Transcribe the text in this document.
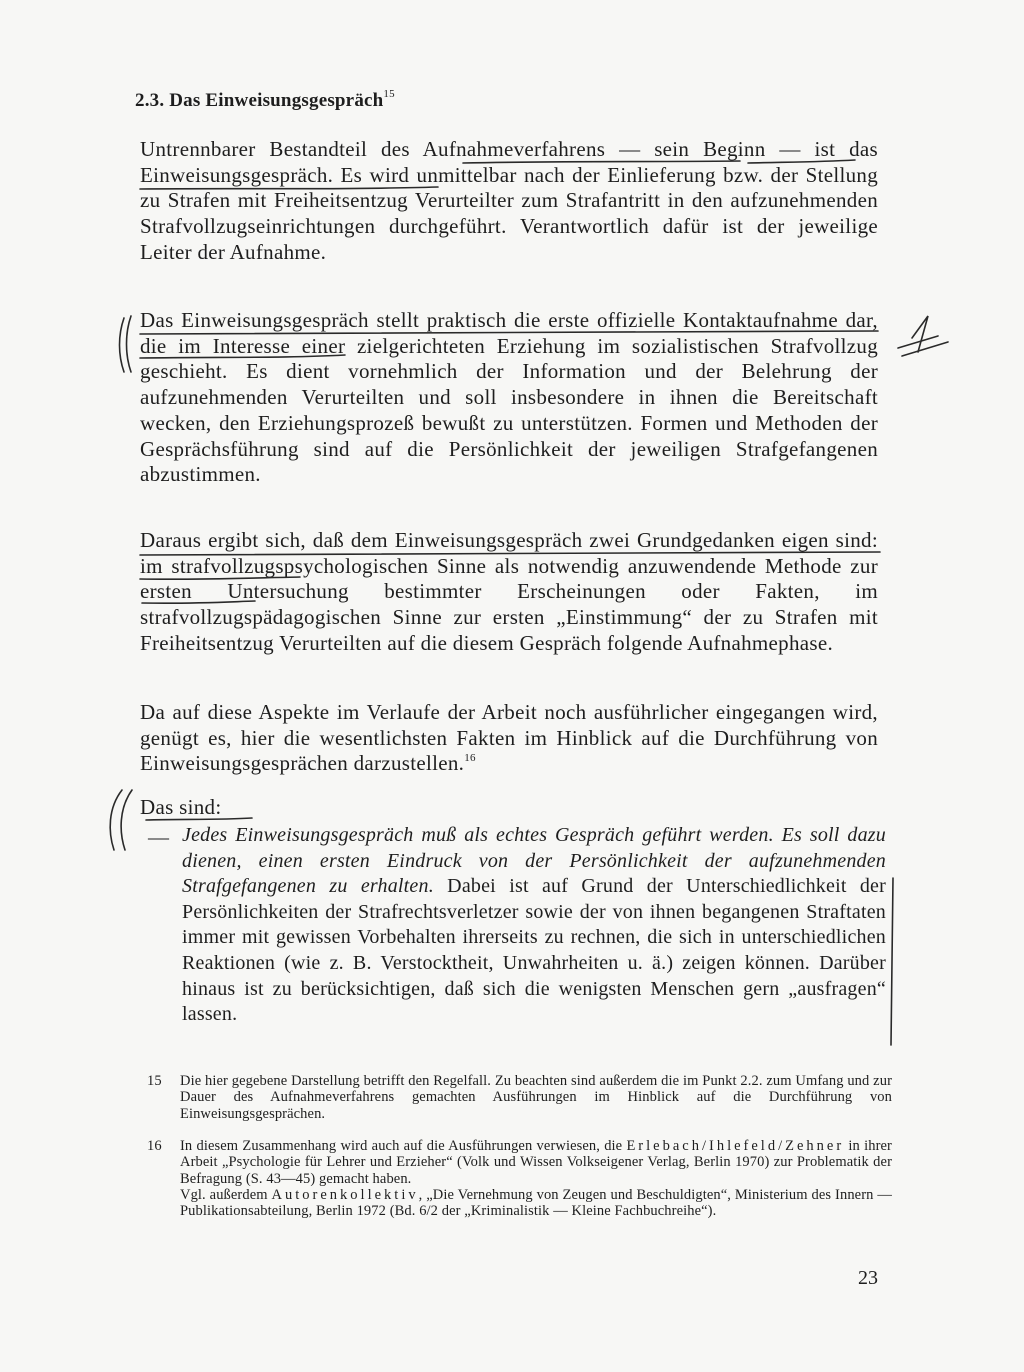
2.3. Das Einweisungsgespräch$^{15}$
Untrennbarer Bestandteil des Aufnahmeverfahrens — sein Beginn — ist das Einweisungsgespräch. Es wird unmittelbar nach der Einlieferung bzw. der Stellung zu Strafen mit Freiheitsentzug Verurteilter zum Strafantritt in den aufzunehmenden Strafvollzugseinrichtungen durchgeführt. Verantwortlich dafür ist der jeweilige Leiter der Aufnahme.
Das Einweisungsgespräch stellt praktisch die erste offizielle Kontaktaufnahme dar, die im Interesse einer zielgerichteten Erziehung im sozialistischen Strafvollzug geschieht. Es dient vornehmlich der Information und der Belehrung der aufzunehmenden Verurteilten und soll insbesondere in ihnen die Bereitschaft wecken, den Erziehungsprozeß bewußt zu unterstützen. Formen und Methoden der Gesprächsführung sind auf die Persönlichkeit der jeweiligen Strafgefangenen abzustimmen.
Daraus ergibt sich, daß dem Einweisungsgespräch zwei Grundgedanken eigen sind: im strafvollzugspsychologischen Sinne als notwendig anzuwendende Methode zur ersten Untersuchung bestimmter Erscheinungen oder Fakten, im strafvollzugspädagogischen Sinne zur ersten „Einstimmung“ der zu Strafen mit Freiheitsentzug Verurteilten auf die diesem Gespräch folgende Aufnahmephase.
Da auf diese Aspekte im Verlaufe der Arbeit noch ausführlicher eingegangen wird, genügt es, hier die wesentlichsten Fakten im Hinblick auf die Durchführung von Einweisungsgesprächen darzustellen.$^{16}$
Das sind:
— Jedes Einweisungsgespräch muß als echtes Gespräch geführt werden. Es soll dazu dienen, einen ersten Eindruck von der Persönlichkeit der aufzunehmenden Strafgefangenen zu erhalten. Dabei ist auf Grund der Unterschiedlichkeit der Persönlichkeiten der Strafrechtsverletzer sowie der von ihnen begangenen Straftaten immer mit gewissen Vorbehalten ihrerseits zu rechnen, die sich in unterschiedlichen Reaktionen (wie z. B. Verstocktheit, Unwahrheiten u. ä.) zeigen können. Darüber hinaus ist zu berücksichtigen, daß sich die wenigsten Menschen gern „ausfragen“ lassen.
15	Die hier gegebene Darstellung betrifft den Regelfall. Zu beachten sind außerdem die im Punkt 2.2. zum Umfang und zur Dauer des Aufnahmeverfahrens gemachten Ausführungen im Hinblick auf die Durchführung von Einweisungsgesprächen.
16	In diesem Zusammenhang wird auch auf die Ausführungen verwiesen, die Erlebach/Ihlefeld/Zehner in ihrer Arbeit „Psychologie für Lehrer und Erzieher“ (Volk und Wissen Volkseigener Verlag, Berlin 1970) zur Problematik der Befragung (S. 43—45) gemacht haben.
Vgl. außerdem Autorenkollektiv, „Die Vernehmung von Zeugen und Beschuldigten“, Ministerium des Innern — Publikationsabteilung, Berlin 1972 (Bd. 6/2 der „Kriminalistik — Kleine Fachbuchreihe“).
23
